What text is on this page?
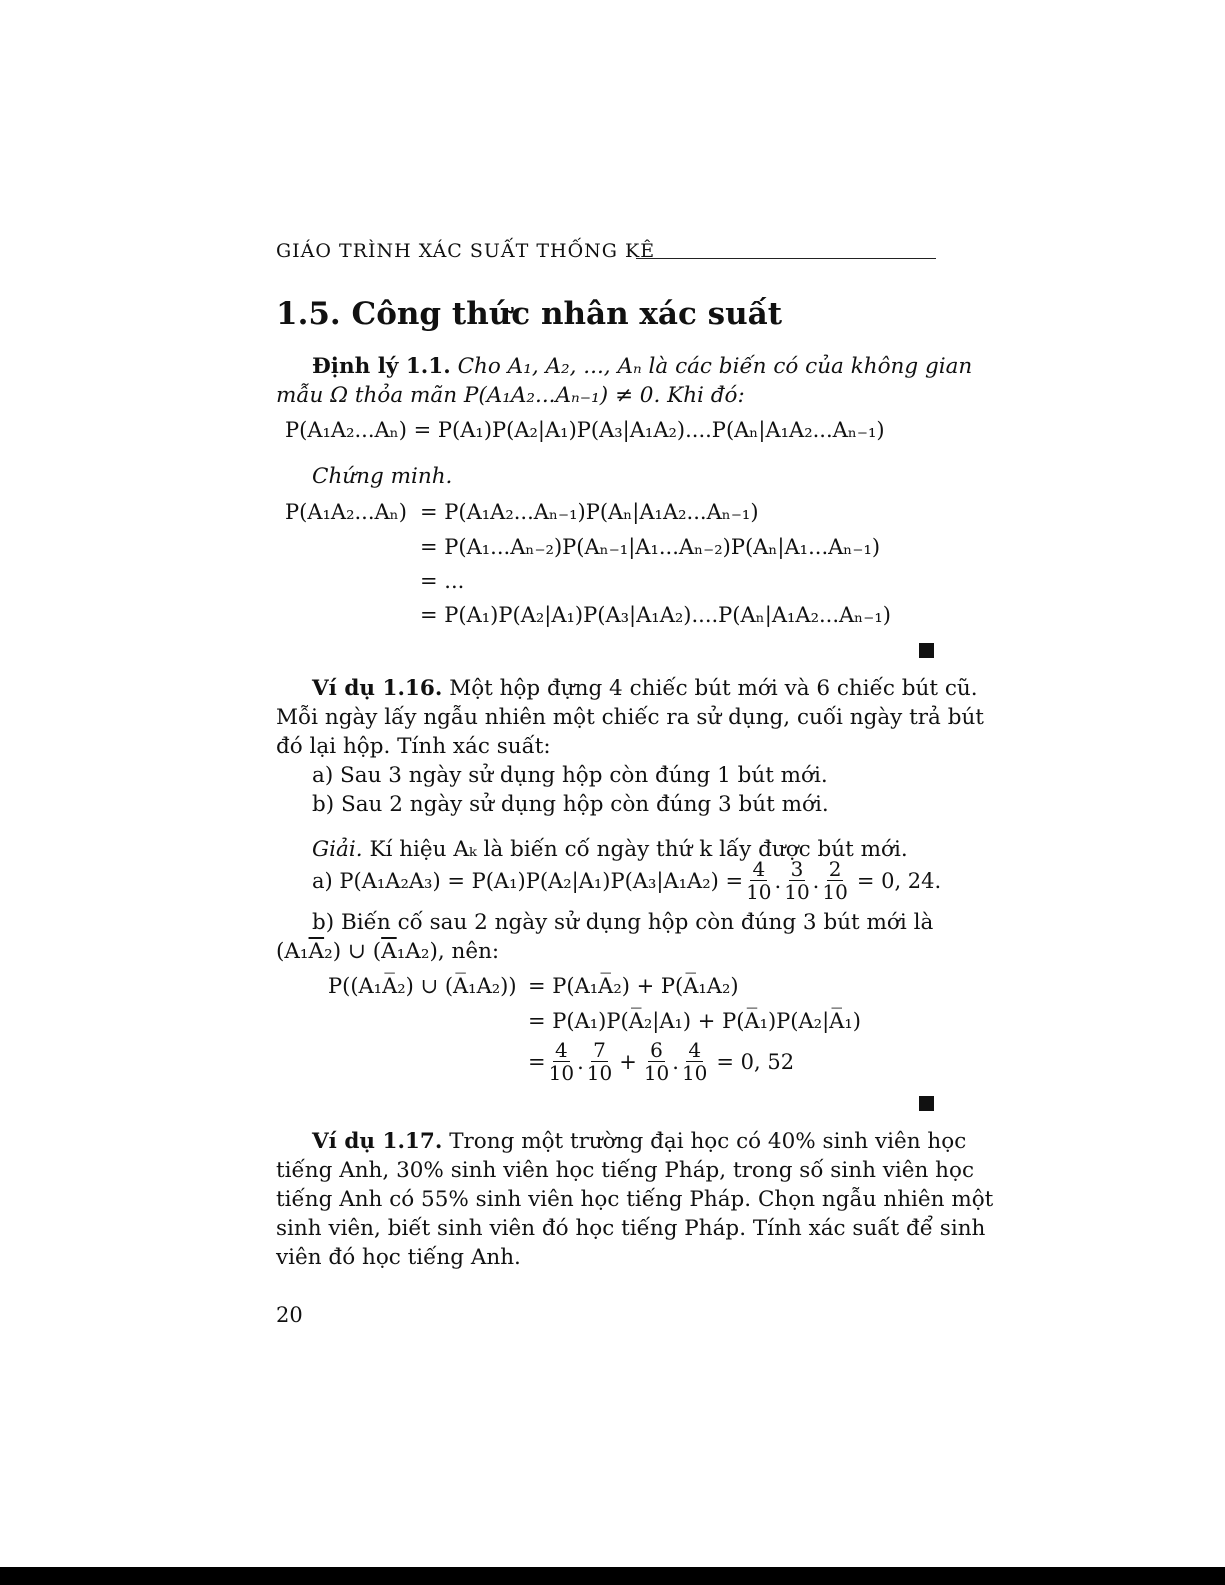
GIÁO TRÌNH XÁC SUẤT THỐNG KÊ
1.5. Công thức nhân xác suất
Định lý 1.1. Cho A₁, A₂, ..., Aₙ là các biến có của không gian
mẫu Ω thỏa mãn P(A₁A₂...Aₙ₋₁) ≠ 0. Khi đó:
P(A₁A₂...Aₙ) = P(A₁)P(A₂|A₁)P(A₃|A₁A₂)....P(Aₙ|A₁A₂...Aₙ₋₁)
Chứng minh.
P(A₁A₂...Aₙ) = P(A₁A₂...Aₙ₋₁)P(Aₙ|A₁A₂...Aₙ₋₁)
= P(A₁...Aₙ₋₂)P(Aₙ₋₁|A₁...Aₙ₋₂)P(Aₙ|A₁...Aₙ₋₁)
= ...
= P(A₁)P(A₂|A₁)P(A₃|A₁A₂)....P(Aₙ|A₁A₂...Aₙ₋₁)
Ví dụ 1.16. Một hộp đựng 4 chiếc bút mới và 6 chiếc bút cũ.
Mỗi ngày lấy ngẫu nhiên một chiếc ra sử dụng, cuối ngày trả bút
đó lại hộp. Tính xác suất:
a) Sau 3 ngày sử dụng hộp còn đúng 1 bút mới.
b) Sau 2 ngày sử dụng hộp còn đúng 3 bút mới.
Giải. Kí hiệu Aₖ là biến cố ngày thứ k lấy được bút mới.
a) $P(A_1A_2A_3) = P(A_1)P(A_2|A_1)P(A_3|A_1A_2) = \frac{4}{10}$ . $\frac{3}{10}$ . $\frac{2}{10} = 0$, 24.
b) Biến cố sau 2 ngày sử dụng hộp còn đúng 3 bút mới là
$(A_1\overline{A}_2)$ ∪ $(\overline{A}_1A_2)$, nên:
P((A₁A̅₂) ∪ (A̅₁A₂)) = P(A₁A̅₂) + P(A̅₁A₂)
= P(A₁)P(A̅₂|A₁) + P(A̅₁)P(A₂|A̅₁)
= $\frac{4}{10}$ . $\frac{7}{10} + \frac{6}{10}$ . $\frac{4}{10} = 0$, 52
Ví dụ 1.17. Trong một trường đại học có 40% sinh viên học
tiếng Anh, 30% sinh viên học tiếng Pháp, trong số sinh viên học
tiếng Anh có 55% sinh viên học tiếng Pháp. Chọn ngẫu nhiên một
sinh viên, biết sinh viên đó học tiếng Pháp. Tính xác suất để sinh
viên đó học tiếng Anh.
20
